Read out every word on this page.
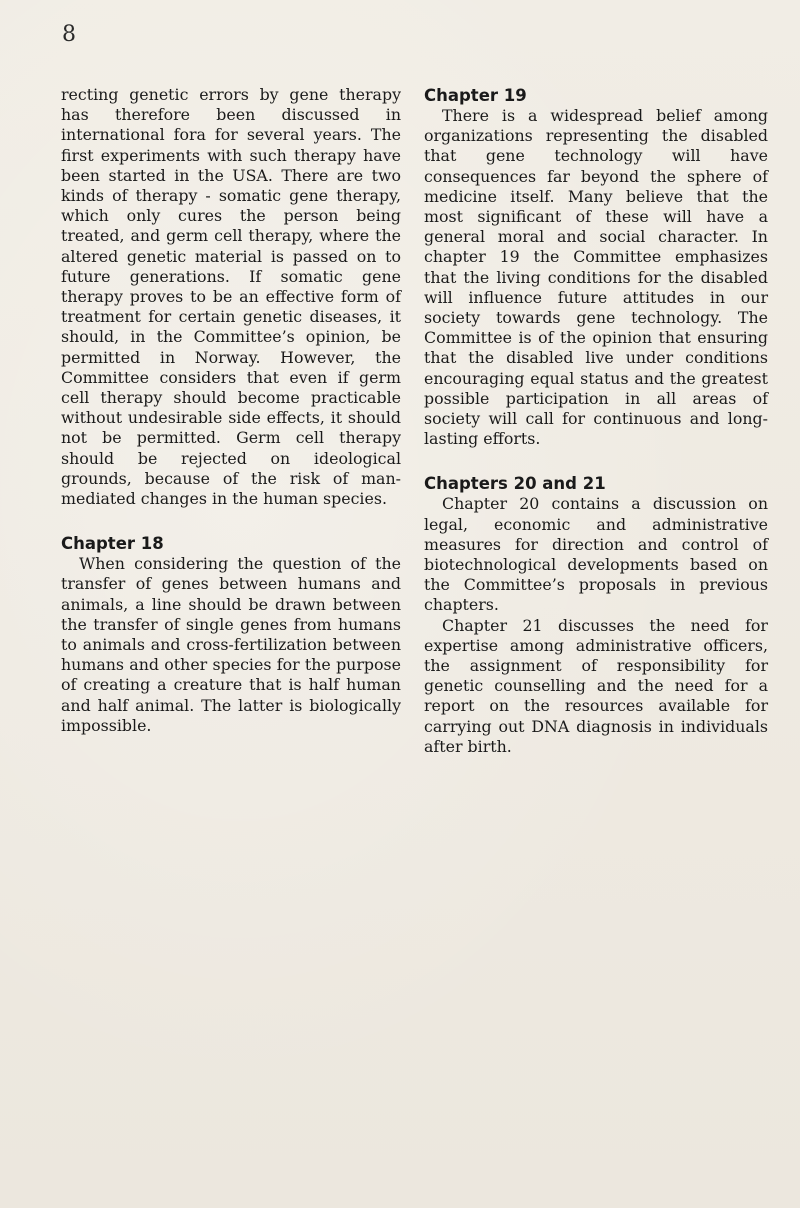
8

recting genetic errors by gene therapy has therefore been discussed in international fora for several years. The first experiments with such therapy have been started in the USA. There are two kinds of therapy - somatic gene therapy, which only cures the person being treated, and germ cell therapy, where the altered genetic material is passed on to future generations. If somatic gene therapy proves to be an effective form of treatment for certain genetic diseases, it should, in the Committee’s opinion, be permitted in Norway. However, the Committee considers that even if germ cell therapy should become practicable without undesirable side effects, it should not be permitted. Germ cell therapy should be rejected on ideological grounds, because of the risk of man-mediated changes in the human species.

Chapter 18

When considering the question of the transfer of genes between humans and animals, a line should be drawn between the transfer of single genes from humans to animals and cross-fertilization between humans and other species for the purpose of creating a creature that is half human and half animal. The latter is biologically impossible.

Chapter 19

There is a widespread belief among organizations representing the disabled that gene technology will have consequences far beyond the sphere of medicine itself. Many believe that the most significant of these will have a general moral and social character. In chapter 19 the Committee emphasizes that the living conditions for the disabled will influence future attitudes in our society towards gene technology. The Committee is of the opinion that ensuring that the disabled live under conditions encouraging equal status and the greatest possible participation in all areas of society will call for continuous and long-lasting efforts.

Chapters 20 and 21

Chapter 20 contains a discussion on legal, economic and administrative measures for direction and control of biotechnological developments based on the Committee’s proposals in previous chapters.

Chapter 21 discusses the need for expertise among administrative officers, the assignment of responsibility for genetic counselling and the need for a report on the resources available for carrying out DNA diagnosis in individuals after birth.
